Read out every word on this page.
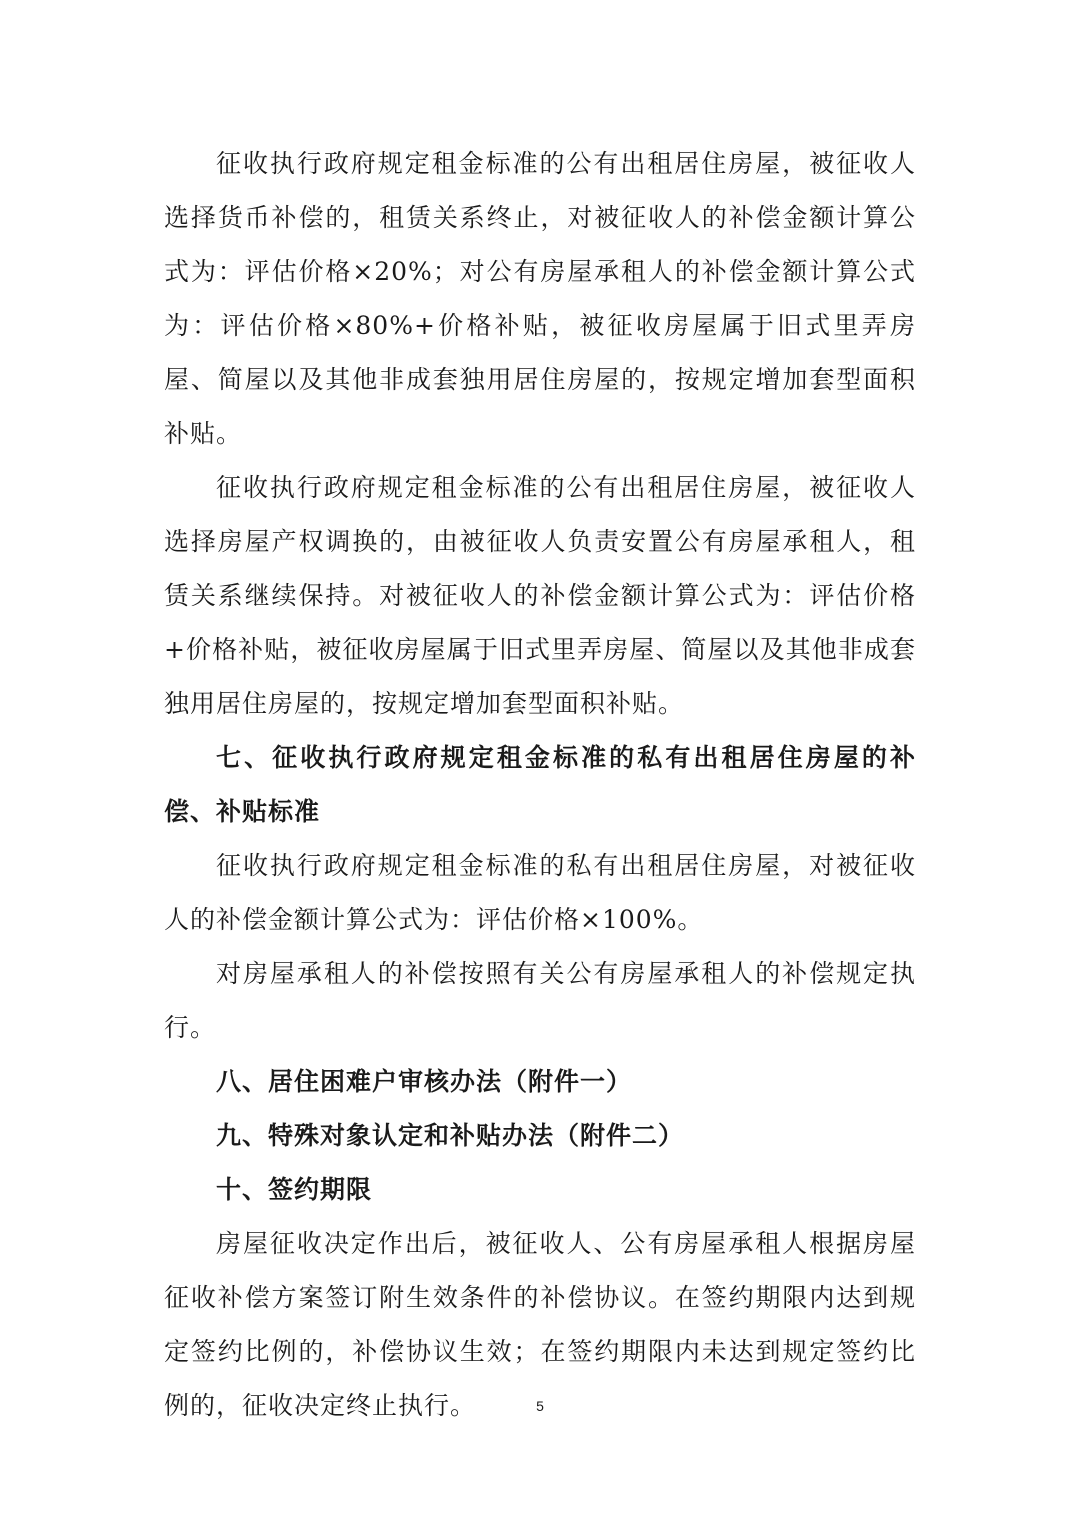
征收执行政府规定租金标准的公有出租居住房屋，被征收人选择货币补偿的，租赁关系终止，对被征收人的补偿金额计算公式为：评估价格×20%；对公有房屋承租人的补偿金额计算公式为：评估价格×80%+价格补贴，被征收房屋属于旧式里弄房屋、简屋以及其他非成套独用居住房屋的，按规定增加套型面积补贴。

征收执行政府规定租金标准的公有出租居住房屋，被征收人选择房屋产权调换的，由被征收人负责安置公有房屋承租人，租赁关系继续保持。对被征收人的补偿金额计算公式为：评估价格+价格补贴，被征收房屋属于旧式里弄房屋、简屋以及其他非成套独用居住房屋的，按规定增加套型面积补贴。

七、征收执行政府规定租金标准的私有出租居住房屋的补偿、补贴标准

征收执行政府规定租金标准的私有出租居住房屋，对被征收人的补偿金额计算公式为：评估价格×100%。

对房屋承租人的补偿按照有关公有房屋承租人的补偿规定执行。

八、居住困难户审核办法（附件一）

九、特殊对象认定和补贴办法（附件二）

十、签约期限

房屋征收决定作出后，被征收人、公有房屋承租人根据房屋征收补偿方案签订附生效条件的补偿协议。在签约期限内达到规定签约比例的，补偿协议生效；在签约期限内未达到规定签约比例的，征收决定终止执行。	5
